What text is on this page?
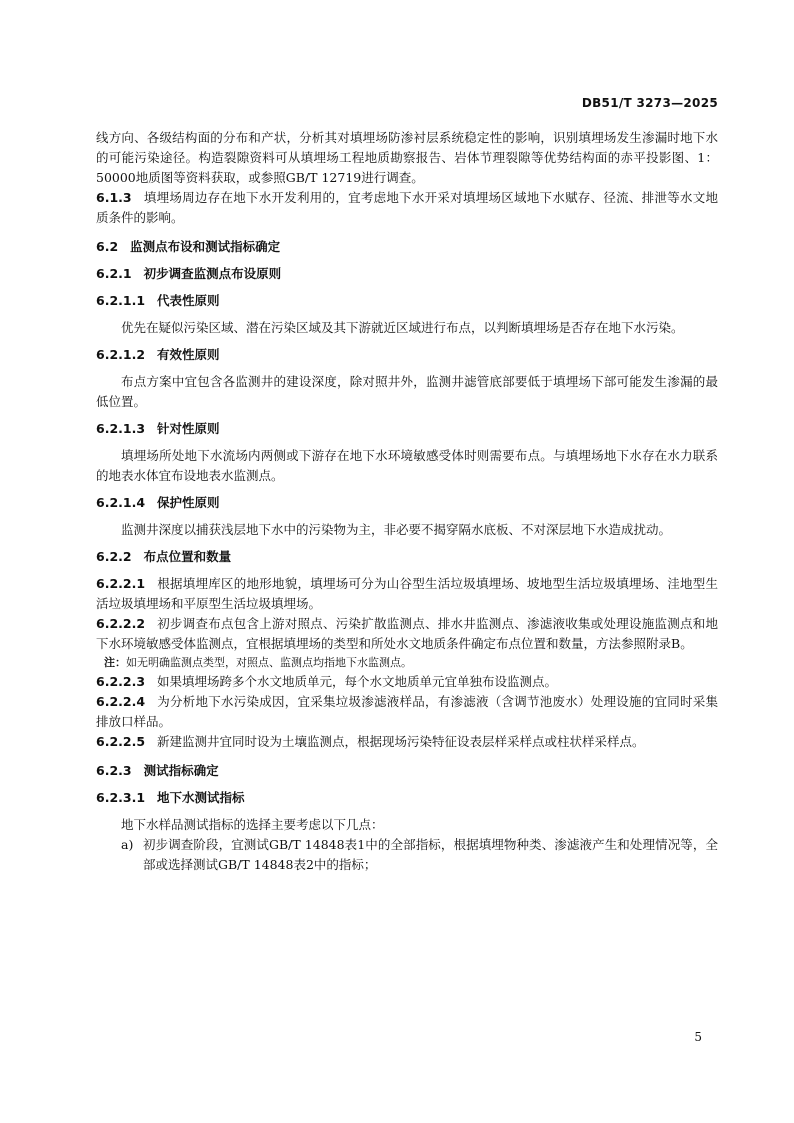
DB51/T 3273—2025

线方向、各级结构面的分布和产状，分析其对填埋场防渗衬层系统稳定性的影响，识别填埋场发生渗漏时地下水的可能污染途径。构造裂隙资料可从填埋场工程地质勘察报告、岩体节理裂隙等优势结构面的赤平投影图、1：50000地质图等资料获取，或参照GB/T 12719进行调查。

6.1.3 填埋场周边存在地下水开发利用的，宜考虑地下水开采对填埋场区域地下水赋存、径流、排泄等水文地质条件的影响。

6.2 监测点布设和测试指标确定

6.2.1 初步调查监测点布设原则

6.2.1.1 代表性原则

优先在疑似污染区域、潜在污染区域及其下游就近区域进行布点，以判断填埋场是否存在地下水污染。

6.2.1.2 有效性原则

布点方案中宜包含各监测井的建设深度，除对照井外，监测井滤管底部要低于填埋场下部可能发生渗漏的最低位置。

6.2.1.3 针对性原则

填埋场所处地下水流场内两侧或下游存在地下水环境敏感受体时则需要布点。与填埋场地下水存在水力联系的地表水体宜布设地表水监测点。

6.2.1.4 保护性原则

监测井深度以捕获浅层地下水中的污染物为主，非必要不揭穿隔水底板、不对深层地下水造成扰动。

6.2.2 布点位置和数量

6.2.2.1 根据填埋库区的地形地貌，填埋场可分为山谷型生活垃圾填埋场、坡地型生活垃圾填埋场、洼地型生活垃圾填埋场和平原型生活垃圾填埋场。

6.2.2.2 初步调查布点包含上游对照点、污染扩散监测点、排水井监测点、渗滤液收集或处理设施监测点和地下水环境敏感受体监测点，宜根据填埋场的类型和所处水文地质条件确定布点位置和数量，方法参照附录B。

注：如无明确监测点类型，对照点、监测点均指地下水监测点。

6.2.2.3 如果填埋场跨多个水文地质单元，每个水文地质单元宜单独布设监测点。

6.2.2.4 为分析地下水污染成因，宜采集垃圾渗滤液样品，有渗滤液（含调节池废水）处理设施的宜同时采集排放口样品。

6.2.2.5 新建监测井宜同时设为土壤监测点，根据现场污染特征设表层样采样点或柱状样采样点。

6.2.3 测试指标确定

6.2.3.1 地下水测试指标

地下水样品测试指标的选择主要考虑以下几点：

a) 初步调查阶段，宜测试GB/T 14848表1中的全部指标，根据填埋物种类、渗滤液产生和处理情况等，全部或选择测试GB/T 14848表2中的指标；
5
